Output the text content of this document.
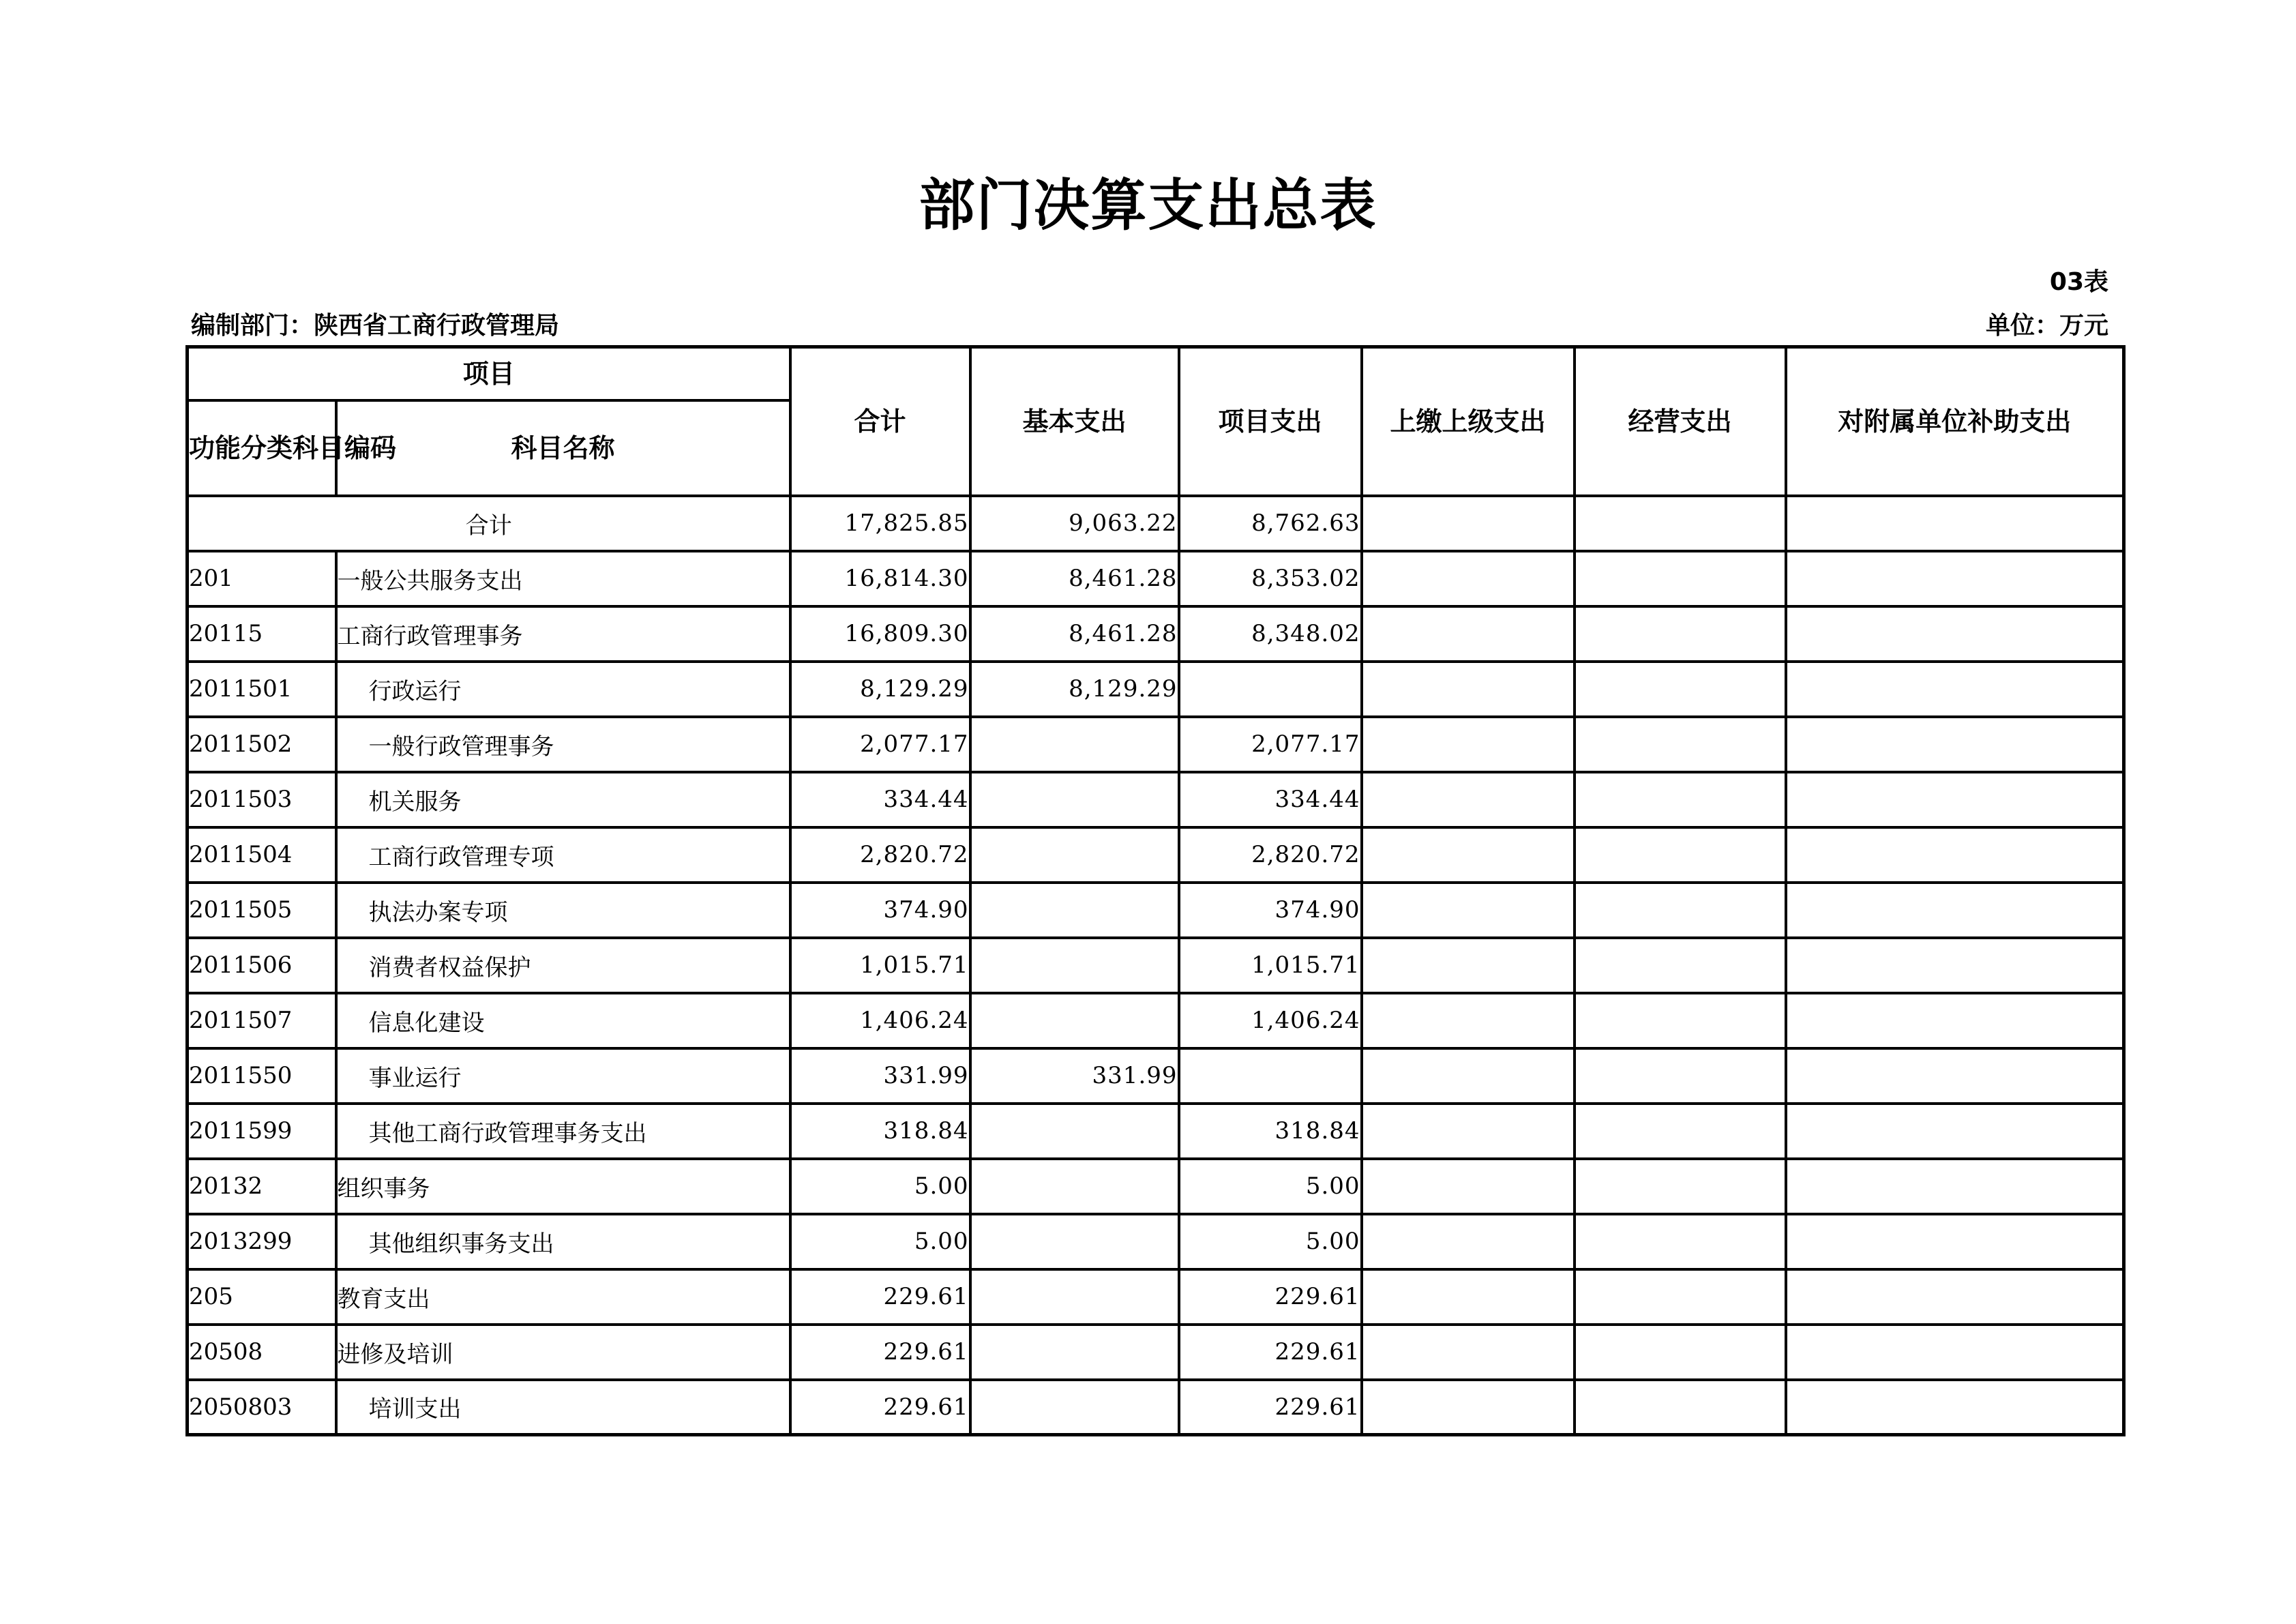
部门决算支出总表
03表
编制部门：陕西省工商行政管理局	单位：万元
项目		合计	基本支出	项目支出	上缴上级支出	经营支出	对附属单位补助支出
功能分类科目编码	科目名称						
合计		17,825.85	9,063.22	8,762.63			
201	一般公共服务支出	16,814.30	8,461.28	8,353.02			
20115	工商行政管理事务	16,809.30	8,461.28	8,348.02			
2011501	行政运行	8,129.29	8,129.29				
2011502	一般行政管理事务	2,077.17		2,077.17			
2011503	机关服务	334.44		334.44			
2011504	工商行政管理专项	2,820.72		2,820.72			
2011505	执法办案专项	374.90		374.90			
2011506	消费者权益保护	1,015.71		1,015.71			
2011507	信息化建设	1,406.24		1,406.24			
2011550	事业运行	331.99	331.99				
2011599	其他工商行政管理事务支出	318.84		318.84			
20132	组织事务	5.00		5.00			
2013299	其他组织事务支出	5.00		5.00			
205	教育支出	229.61		229.61			
20508	进修及培训	229.61		229.61			
2050803	培训支出	229.61		229.61			
